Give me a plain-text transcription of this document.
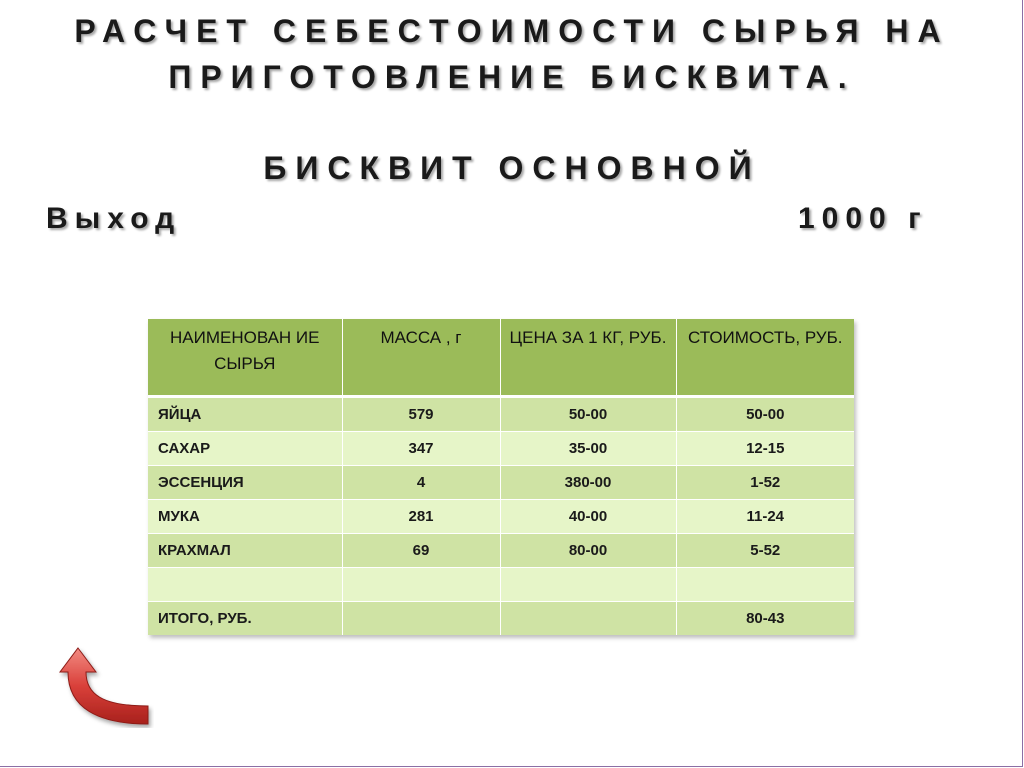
РАСЧЕТ СЕБЕСТОИМОСТИ СЫРЬЯ НА
ПРИГОТОВЛЕНИЕ БИСКВИТА.
БИСКВИТ ОСНОВНОЙ
Выход	1000 г
НАИМЕНОВАН ИЕ СЫРЬЯ	МАССА , г	ЦЕНА ЗА 1 КГ, РУБ.	СТОИМОСТЬ, РУБ.
ЯЙЦА	579	50-00	50-00
САХАР	347	35-00	12-15
ЭССЕНЦИЯ	4	380-00	1-52
МУКА	281	40-00	11-24
КРАХМАЛ	69	80-00	5-52

ИТОГО, РУБ.			80-43
